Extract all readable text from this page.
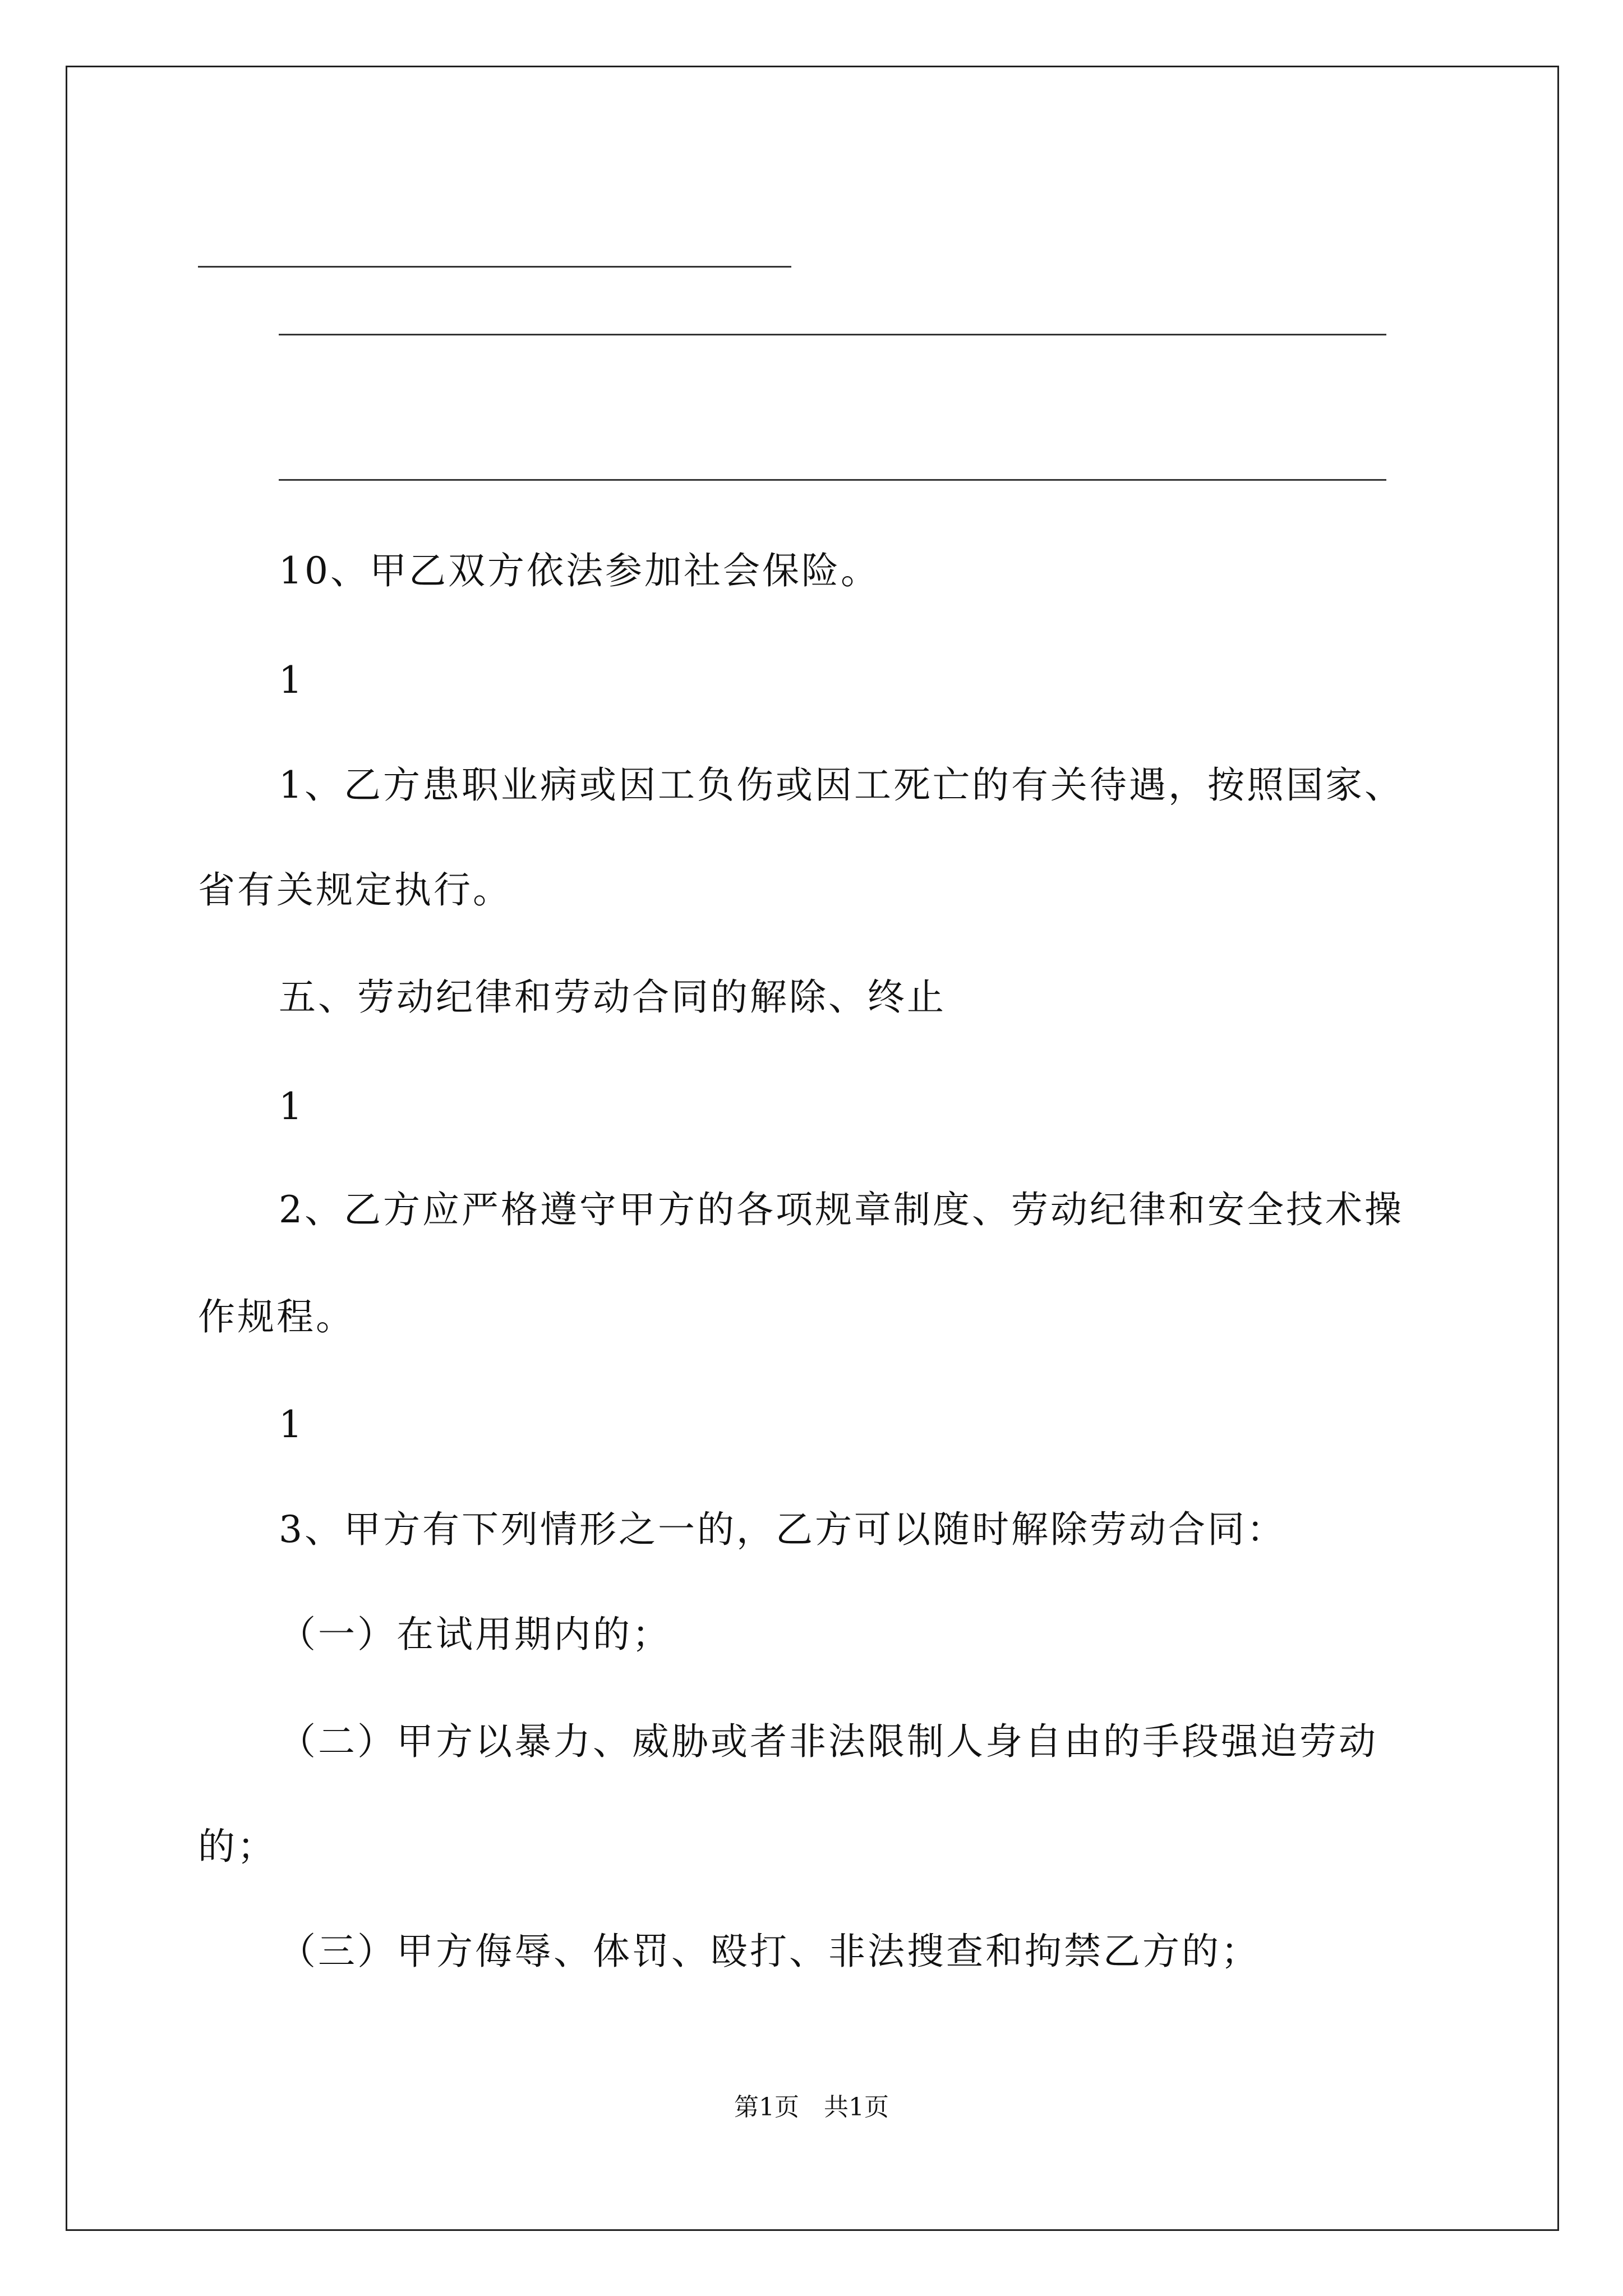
10、甲乙双方依法参加社会保险。
1
1、乙方患职业病或因工负伤或因工死亡的有关待遇，按照国家、
省有关规定执行。
五、劳动纪律和劳动合同的解除、终止
1
2、乙方应严格遵守甲方的各项规章制度、劳动纪律和安全技术操
作规程。
1
3、甲方有下列情形之一的，乙方可以随时解除劳动合同：
（一）在试用期内的；
（二）甲方以暴力、威胁或者非法限制人身自由的手段强迫劳动
的；
（三）甲方侮辱、体罚、殴打、非法搜查和拘禁乙方的；
第1页　共1页
